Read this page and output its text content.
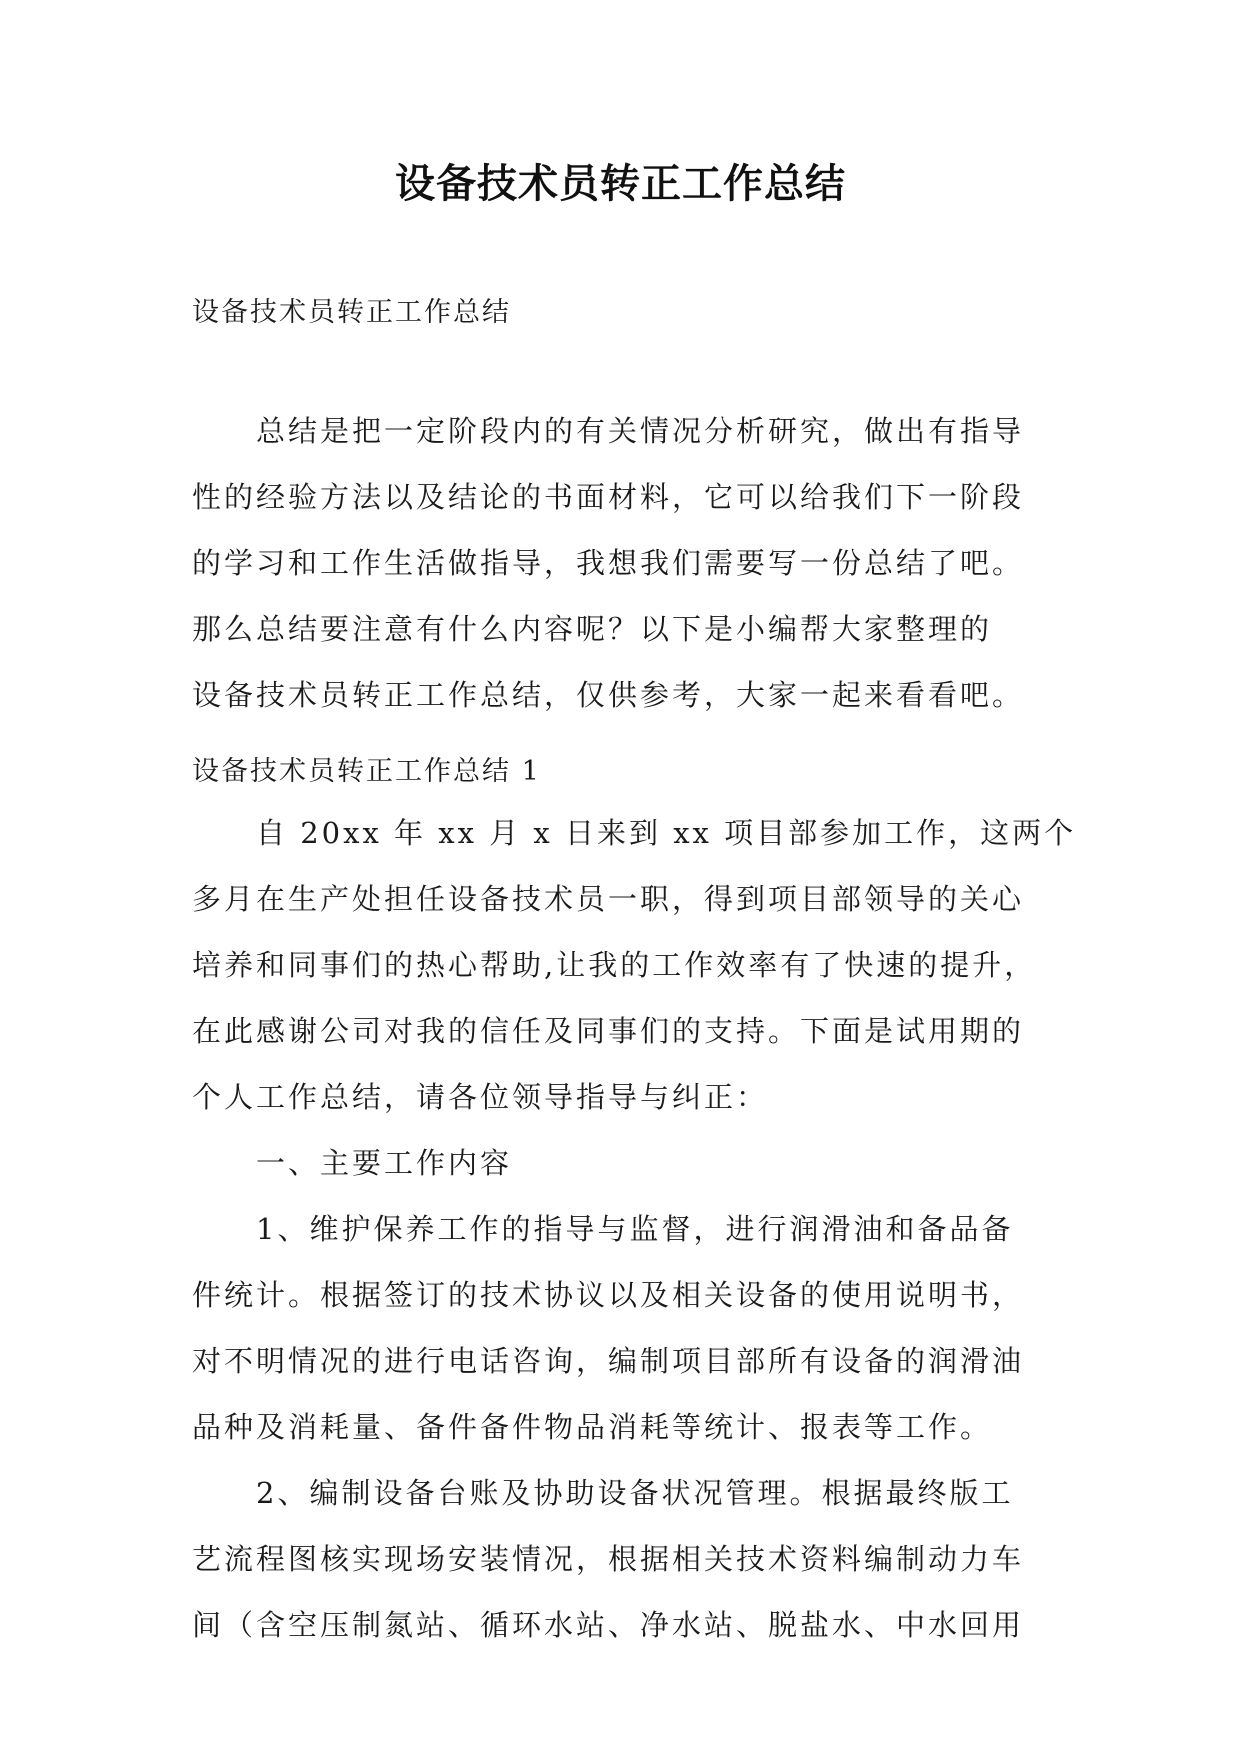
设备技术员转正工作总结
设备技术员转正工作总结
总结是把一定阶段内的有关情况分析研究，做出有指导
性的经验方法以及结论的书面材料，它可以给我们下一阶段
的学习和工作生活做指导，我想我们需要写一份总结了吧。
那么总结要注意有什么内容呢？以下是小编帮大家整理的
设备技术员转正工作总结，仅供参考，大家一起来看看吧。
设备技术员转正工作总结 1
自 20xx 年 xx 月 x 日来到 xx 项目部参加工作，这两个
多月在生产处担任设备技术员一职，得到项目部领导的关心
培养和同事们的热心帮助,让我的工作效率有了快速的提升，
在此感谢公司对我的信任及同事们的支持。下面是试用期的
个人工作总结，请各位领导指导与纠正：
一、主要工作内容
1、维护保养工作的指导与监督，进行润滑油和备品备
件统计。根据签订的技术协议以及相关设备的使用说明书，
对不明情况的进行电话咨询，编制项目部所有设备的润滑油
品种及消耗量、备件备件物品消耗等统计、报表等工作。
2、编制设备台账及协助设备状况管理。根据最终版工
艺流程图核实现场安装情况，根据相关技术资料编制动力车
间（含空压制氮站、循环水站、净水站、脱盐水、中水回用
